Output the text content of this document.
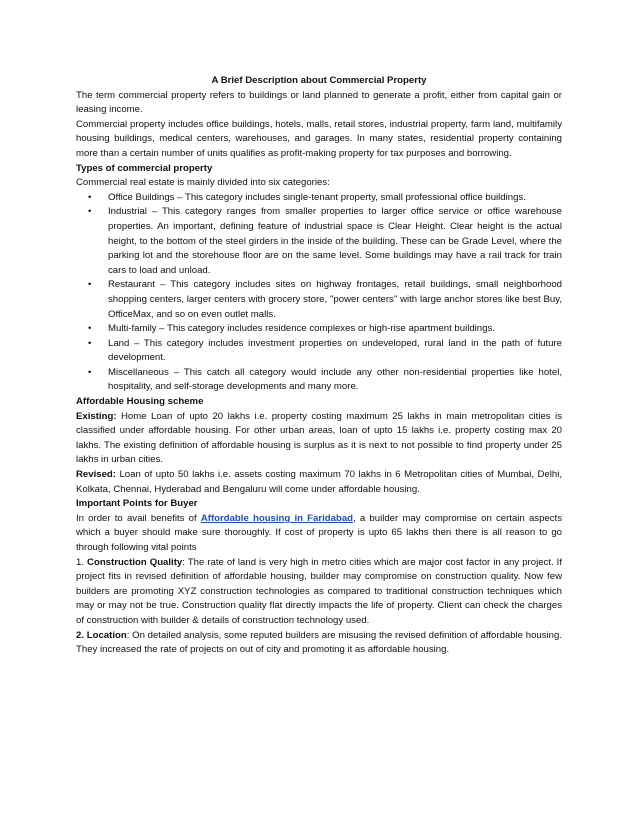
A Brief Description about Commercial Property

The term commercial property refers to buildings or land planned to generate a profit, either from capital gain or leasing income.

Commercial property includes office buildings, hotels, malls, retail stores, industrial property, farm land, multifamily housing buildings, medical centers, warehouses, and garages. In many states, residential property containing more than a certain number of units qualifies as profit-making property for tax purposes and borrowing.

Types of commercial property

Commercial real estate is mainly divided into six categories:

• Office Buildings – This category includes single-tenant property, small professional office buildings.
• Industrial – This category ranges from smaller properties to larger office service or office warehouse properties. An important, defining feature of industrial space is Clear Height. Clear height is the actual height, to the bottom of the steel girders in the inside of the building. These can be Grade Level, where the parking lot and the storehouse floor are on the same level. Some buildings may have a rail track for train cars to load and unload.
• Restaurant – This category includes sites on highway frontages, retail buildings, small neighborhood shopping centers, larger centers with grocery store, "power centers" with large anchor stores like best Buy, OfficeMax, and so on even outlet malls.
• Multi-family – This category includes residence complexes or high-rise apartment buildings.
• Land – This category includes investment properties on undeveloped, rural land in the path of future development.
• Miscellaneous – This catch all category would include any other non-residential properties like hotel, hospitality, and self-storage developments and many more.

Affordable Housing scheme

Existing: Home Loan of upto 20 lakhs i.e. property costing maximum 25 lakhs in main metropolitan cities is classified under affordable housing. For other urban areas, loan of upto 15 lakhs i.e. property costing max 20 lakhs. The existing definition of affordable housing is surplus as it is next to not possible to find property under 25 lakhs in urban cities.

Revised: Loan of upto 50 lakhs i.e. assets costing maximum 70 lakhs in 6 Metropolitan cities of Mumbai, Delhi, Kolkata, Chennai, Hyderabad and Bengaluru will come under affordable housing.

Important Points for Buyer

In order to avail benefits of Affordable housing in Faridabad, a builder may compromise on certain aspects which a buyer should make sure thoroughly. If cost of property is upto 65 lakhs then there is all reason to go through following vital points

1. Construction Quality: The rate of land is very high in metro cities which are major cost factor in any project. If project fits in revised definition of affordable housing, builder may compromise on construction quality. Now few builders are promoting XYZ construction technologies as compared to traditional construction techniques which may or may not be true. Construction quality flat directly impacts the life of property. Client can check the charges of construction with builder & details of construction technology used.

2. Location: On detailed analysis, some reputed builders are misusing the revised definition of affordable housing. They increased the rate of projects on out of city and promoting it as affordable housing.
